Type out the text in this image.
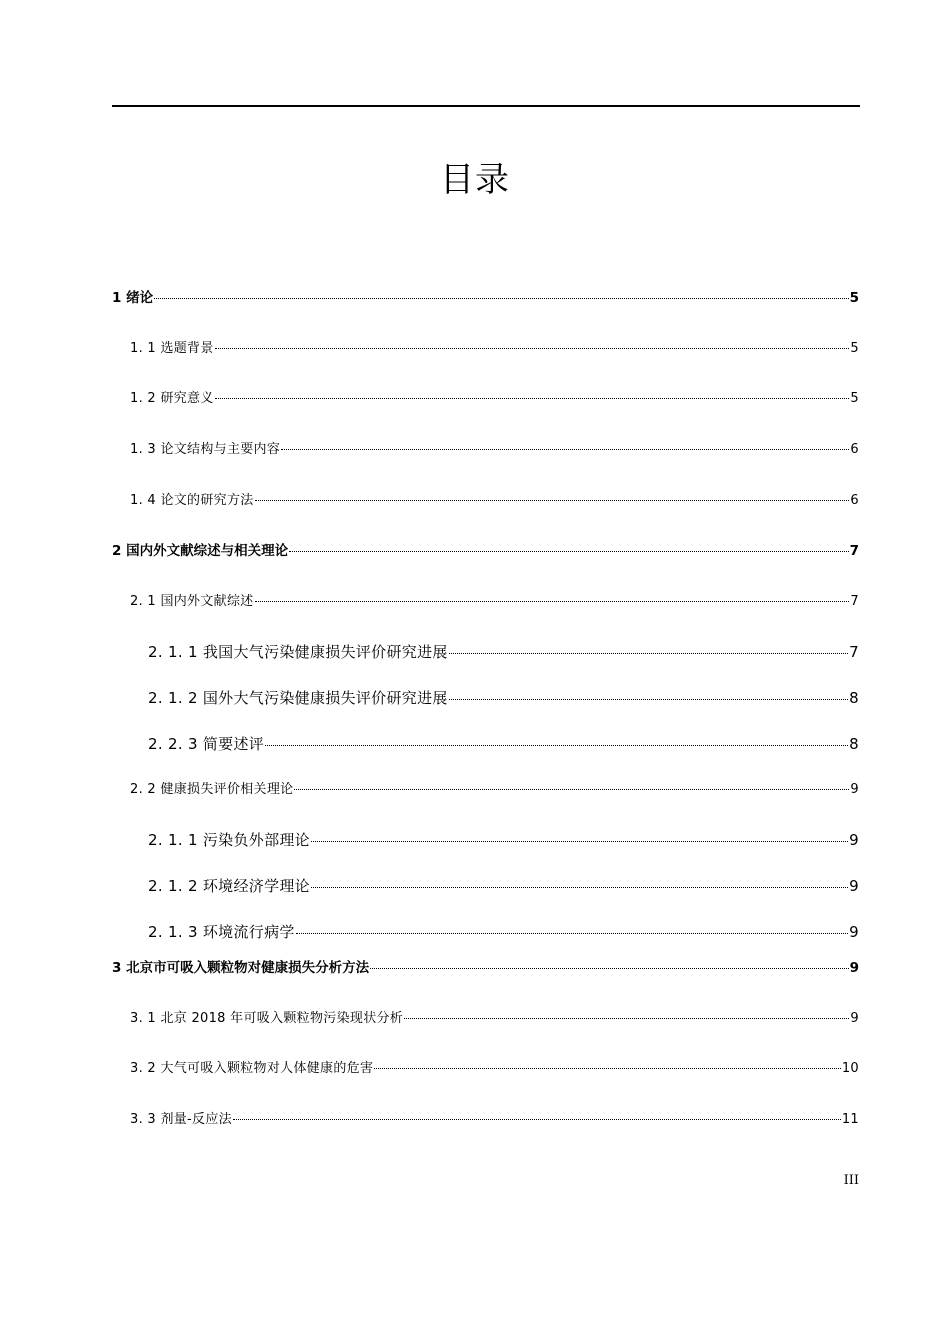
目录
1 绪论	5
1. 1 选题背景	5
1. 2 研究意义	5
1. 3 论文结构与主要内容	6
1. 4 论文的研究方法	6
2 国内外文献综述与相关理论	7
2. 1 国内外文献综述	7
2. 1. 1 我国大气污染健康损失评价研究进展	7
2. 1. 2 国外大气污染健康损失评价研究进展	8
2. 2. 3 简要述评	8
2. 2 健康损失评价相关理论	9
2. 1. 1 污染负外部理论	9
2. 1. 2 环境经济学理论	9
2. 1. 3 环境流行病学	9
3 北京市可吸入颗粒物对健康损失分析方法	9
3. 1 北京 2018 年可吸入颗粒物污染现状分析	9
3. 2 大气可吸入颗粒物对人体健康的危害	10
3. 3 剂量-反应法	11
III
